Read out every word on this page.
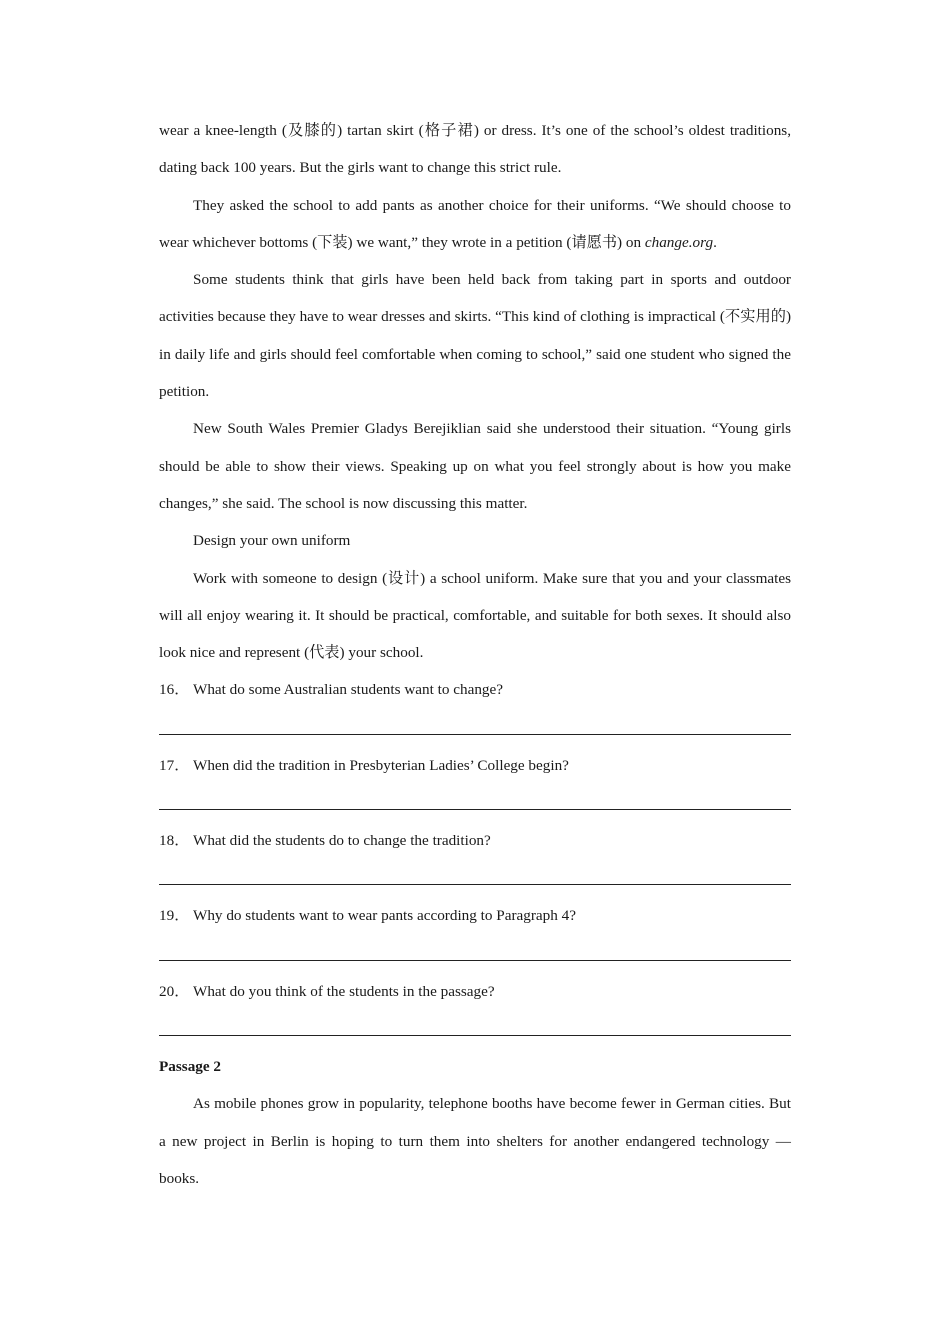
wear a knee-length (及膝的) tartan skirt (格子裙) or dress. It’s one of the school’s oldest traditions, dating back 100 years. But the girls want to change this strict rule.

They asked the school to add pants as another choice for their uniforms. “We should choose to wear whichever bottoms (下装) we want,” they wrote in a petition (请愿书) on change.org.

Some students think that girls have been held back from taking part in sports and outdoor activities because they have to wear dresses and skirts. “This kind of clothing is impractical (不实用的) in daily life and girls should feel comfortable when coming to school,” said one student who signed the petition.

New South Wales Premier Gladys Berejiklian said she understood their situation. “Young girls should be able to show their views. Speaking up on what you feel strongly about is how you make changes,” she said. The school is now discussing this matter.

Design your own uniform

Work with someone to design (设计) a school uniform. Make sure that you and your classmates will all enjoy wearing it. It should be practical, comfortable, and suitable for both sexes. It should also look nice and represent (代表) your school.

16． What do some Australian students want to change?

17． When did the tradition in Presbyterian Ladies’ College begin?

18． What did the students do to change the tradition?

19． Why do students want to wear pants according to Paragraph 4?

20． What do you think of the students in the passage?

Passage 2

As mobile phones grow in popularity, telephone booths have become fewer in German cities. But a new project in Berlin is hoping to turn them into shelters for another endangered technology — books.
